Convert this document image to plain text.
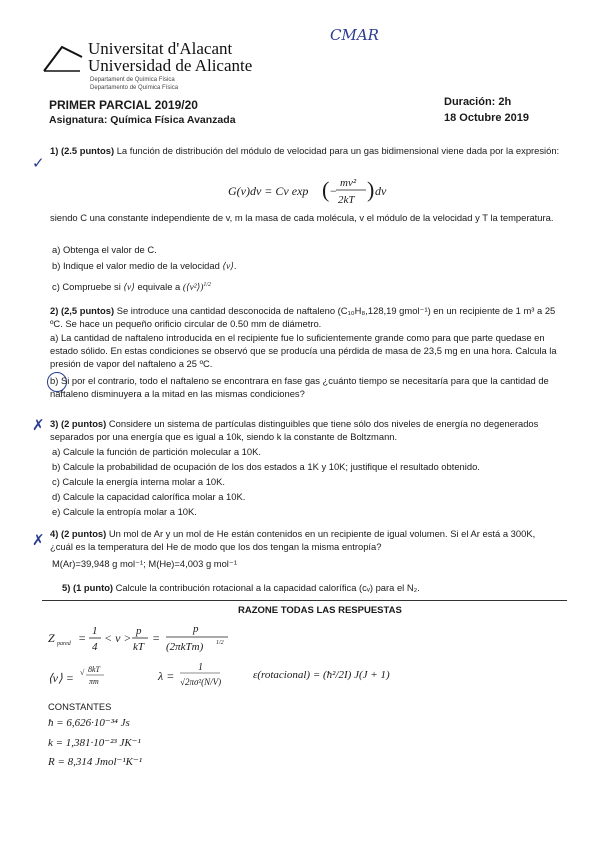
CMAR
Universitat d'Alacant
Universidad de Alicante
Departament de Química Física
Departamento de Química Física
PRIMER PARCIAL 2019/20
Asignatura: Química Física Avanzada
Duración: 2h
18 Octubre 2019
✓
1) (2.5 puntos) La función de distribución del módulo de velocidad para un gas bidimensional viene dada por la expresión:
G(v)dv = Cv exp ( −
mv²
2kT ) dv
siendo C una constante independiente de v, m la masa de cada molécula, v el módulo de la velocidad y T la temperatura.
a) Obtenga el valor de C.
b) Indique el valor medio de la velocidad ⟨v⟩.
c) Compruebe si ⟨v⟩ equivale a (⟨v²⟩)$^{1/2}$
2) (2,5 puntos) Se introduce una cantidad desconocida de naftaleno (C₁₀H₈,128,19 gmol⁻¹) en un recipiente de 1 m³ a 25 ºC. Se hace un pequeño orificio circular de 0.50 mm de diámetro.
a) La cantidad de naftaleno introducida en el recipiente fue lo suficientemente grande como para que parte quedase en estado sólido. En estas condiciones se observó que se producía una pérdida de masa de 23,5 mg en una hora. Calcula la presión de vapor del naftaleno a 25 ºC.
b) Si por el contrario, todo el naftaleno se encontrara en fase gas ¿cuánto tiempo se necesitaría para que la cantidad de naftaleno disminuyera a la mitad en las mismas condiciones?
✗ 3) (2 puntos) Considere un sistema de partículas distinguibles que tiene sólo dos niveles de energía no degenerados separados por una energía que es igual a 10k, siendo k la constante de Boltzmann.
a) Calcule la función de partición molecular a 10K.
b) Calcule la probabilidad de ocupación de los dos estados a 1K y 10K; justifique el resultado obtenido.
c) Calcule la energía interna molar a 10K.
d) Calcule la capacidad calorífica molar a 10K.
e) Calcule la entropía molar a 10K.
✗ 4) (2 puntos) Un mol de Ar y un mol de He están contenidos en un recipiente de igual volumen. Si el Ar está a 300K, ¿cuál es la temperatura del He de modo que los dos tengan la misma entropía?
M(Ar)=39,948 g mol⁻¹; M(He)=4,003 g mol⁻¹
5) (1 punto) Calcule la contribución rotacional a la capacidad calorífica (cᵥ) para el N₂.
RAZONE TODAS LAS RESPUESTAS
Z pared = 1
4
< v > p
kT
=
p
(2πkTm) 1/2
⟨v⟩ = √ 8kT
πm	λ =
1
√2πσ²(N/V)
ε(rotacional) = (ħ²/2I) J(J + 1)
CONSTANTES
ħ = 6,626·10⁻³⁴ Js
k = 1,381·10⁻²³ JK⁻¹
R = 8,314 Jmol⁻¹K⁻¹
